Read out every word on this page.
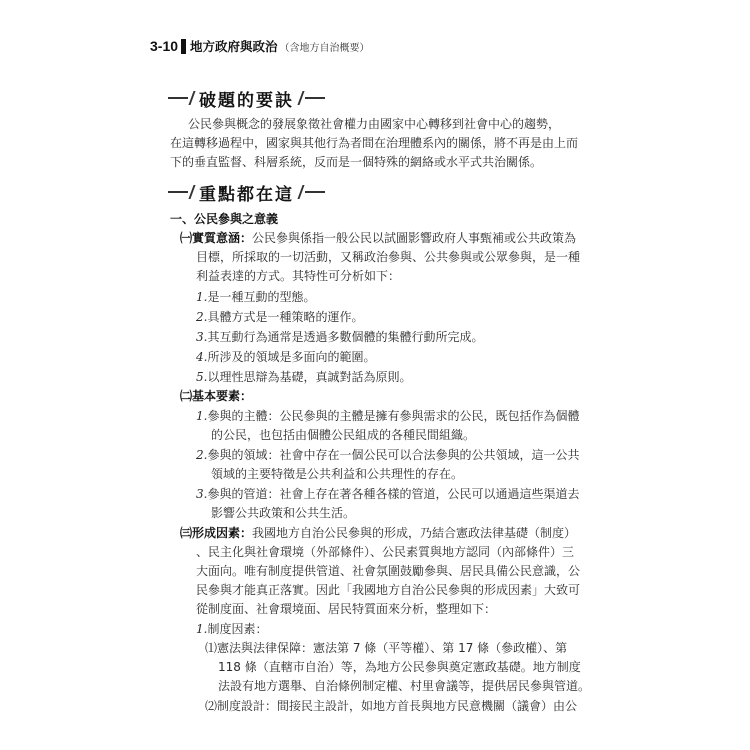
3-10 地方政府與政治 （含地方自治概要）
破題的要訣
公民參與概念的發展象徵社會權力由國家中心轉移到社會中心的趨勢，
在這轉移過程中，國家與其他行為者間在治理體系內的關係，將不再是由上而
下的垂直監督、科層系統，反而是一個特殊的網絡或水平式共治關係。
重點都在這
一、公民參與之意義
㈠實質意涵：公民參與係指一般公民以試圖影響政府人事甄補或公共政策為
目標，所採取的一切活動，又稱政治參與、公共參與或公眾參與，是一種
利益表達的方式。其特性可分析如下：
1.是一種互動的型態。
2.具體方式是一種策略的運作。
3.其互動行為通常是透過多數個體的集體行動所完成。
4.所涉及的領域是多面向的範圍。
5.以理性思辯為基礎，真誠對話為原則。
㈡基本要素：
1.參與的主體：公民參與的主體是擁有參與需求的公民，既包括作為個體
的公民，也包括由個體公民組成的各種民間組織。
2.參與的領域：社會中存在一個公民可以合法參與的公共領域，這一公共
領域的主要特徵是公共利益和公共理性的存在。
3.參與的管道：社會上存在著各種各樣的管道，公民可以通過這些渠道去
影響公共政策和公共生活。
㈢形成因素：我國地方自治公民參與的形成，乃結合憲政法律基礎（制度）
、民主化與社會環境（外部條件）、公民素質與地方認同（內部條件）三
大面向。唯有制度提供管道、社會氛圍鼓勵參與、居民具備公民意識，公
民參與才能真正落實。因此「我國地方自治公民參與的形成因素」大致可
從制度面、社會環境面、居民特質面來分析，整理如下：
1.制度因素：
⑴憲法與法律保障：憲法第 7 條（平等權）、第 17 條（參政權）、第
118 條（直轄市自治）等，為地方公民參與奠定憲政基礎。地方制度
法設有地方選舉、自治條例制定權、村里會議等，提供居民參與管道。
⑵制度設計：間接民主設計，如地方首長與地方民意機關（議會）由公
